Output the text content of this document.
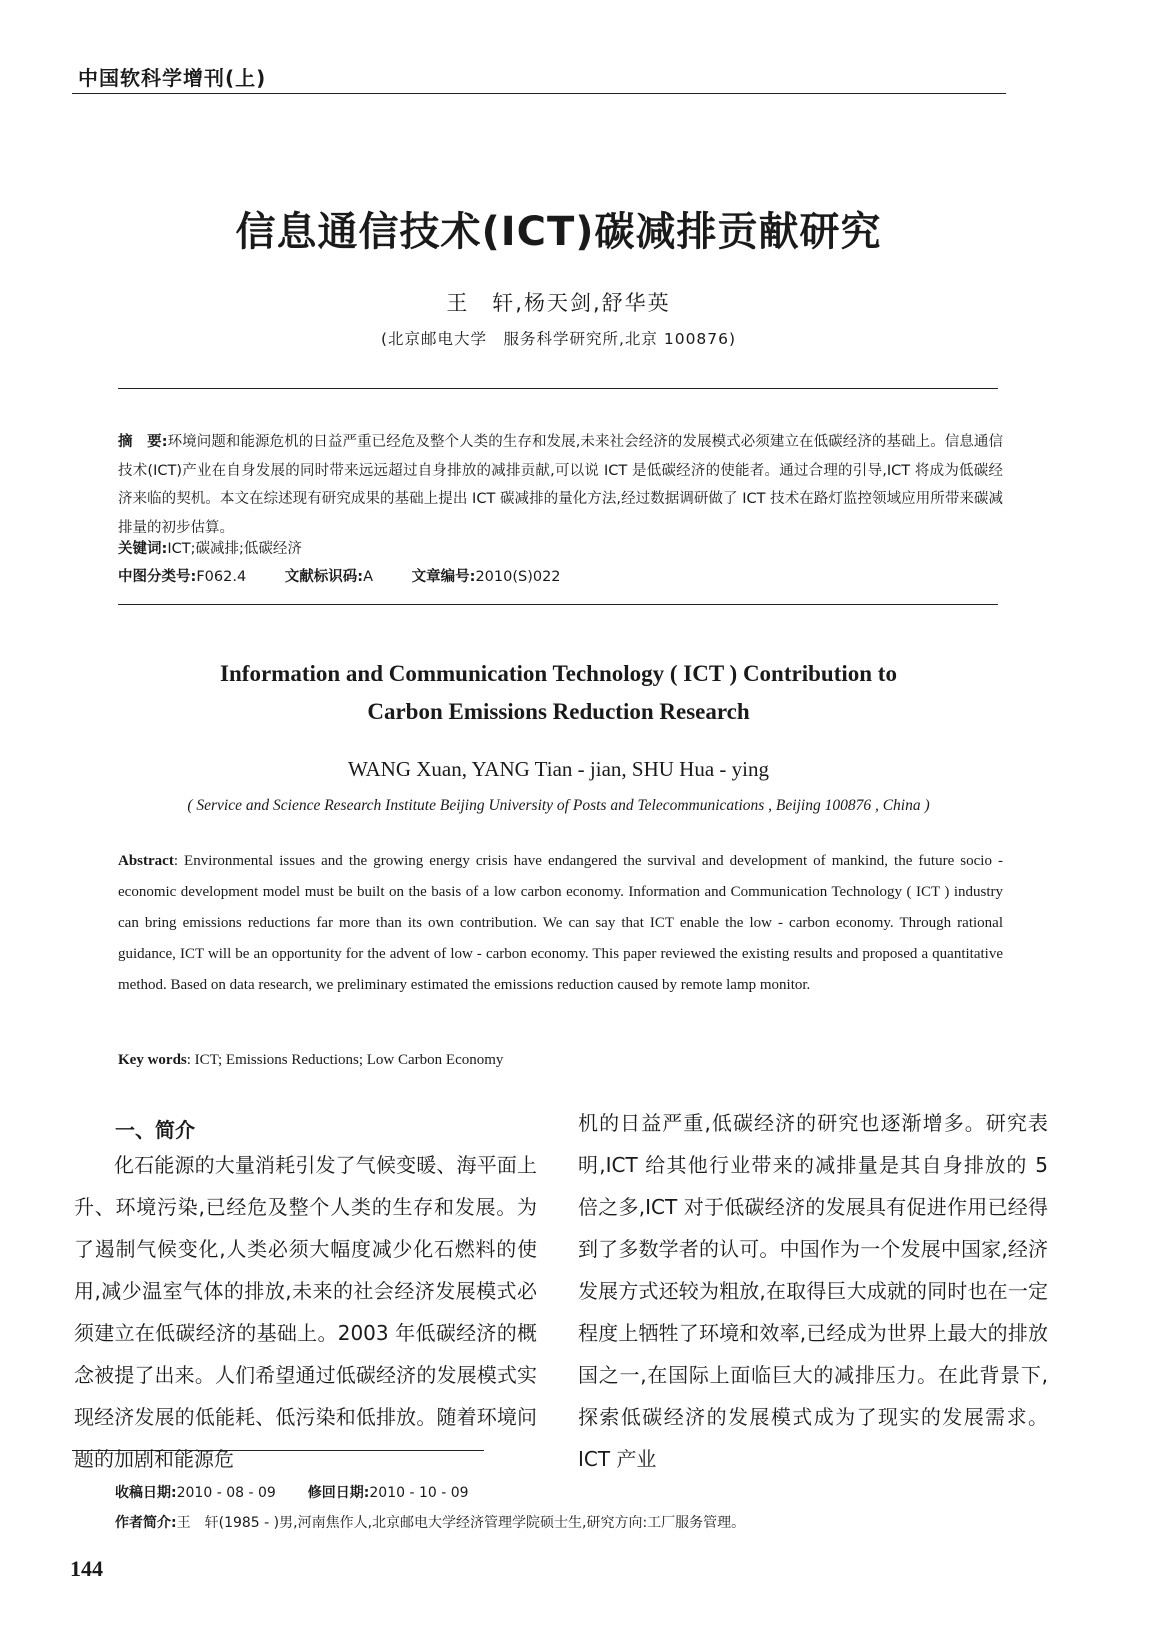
中国软科学增刊(上)
信息通信技术(ICT)碳减排贡献研究
王　轩,杨天剑,舒华英
(北京邮电大学　服务科学研究所,北京 100876)
摘　要:环境问题和能源危机的日益严重已经危及整个人类的生存和发展,未来社会经济的发展模式必须建立在低碳经济的基础上。信息通信技术(ICT)产业在自身发展的同时带来远远超过自身排放的减排贡献,可以说 ICT 是低碳经济的使能者。通过合理的引导,ICT 将成为低碳经济来临的契机。本文在综述现有研究成果的基础上提出 ICT 碳减排的量化方法,经过数据调研做了 ICT 技术在路灯监控领域应用所带来碳减排量的初步估算。
关键词:ICT;碳减排;低碳经济
中图分类号:F062.4	文献标识码:A	文章编号:2010(S)022
Information and Communication Technology ( ICT ) Contribution to
Carbon Emissions Reduction Research
WANG Xuan, YANG Tian - jian, SHU Hua - ying
( Service and Science Research Institute Beijing University of Posts and Telecommunications , Beijing 100876 , China )
Abstract: Environmental issues and the growing energy crisis have endangered the survival and development of mankind, the future socio - economic development model must be built on the basis of a low carbon economy. Information and Communication Technology ( ICT ) industry can bring emissions reductions far more than its own contribution. We can say that ICT enable the low - carbon economy. Through rational guidance, ICT will be an opportunity for the advent of low - carbon economy. This paper reviewed the existing results and proposed a quantitative method. Based on data research, we preliminary estimated the emissions reduction caused by remote lamp monitor.
Key words: ICT; Emissions Reductions; Low Carbon Economy
一、简介
化石能源的大量消耗引发了气候变暖、海平面上升、环境污染,已经危及整个人类的生存和发展。为了遏制气候变化,人类必须大幅度减少化石燃料的使用,减少温室气体的排放,未来的社会经济发展模式必须建立在低碳经济的基础上。2003 年低碳经济的概念被提了出来。人们希望通过低碳经济的发展模式实现经济发展的低能耗、低污染和低排放。随着环境问题的加剧和能源危
机的日益严重,低碳经济的研究也逐渐增多。研究表明,ICT 给其他行业带来的减排量是其自身排放的 5 倍之多,ICT 对于低碳经济的发展具有促进作用已经得到了多数学者的认可。中国作为一个发展中国家,经济发展方式还较为粗放,在取得巨大成就的同时也在一定程度上牺牲了环境和效率,已经成为世界上最大的排放国之一,在国际上面临巨大的减排压力。在此背景下,探索低碳经济的发展模式成为了现实的发展需求。ICT 产业
收稿日期:2010 - 08 - 09 修回日期:2010 - 10 - 09
作者简介:王　轩(1985 - )男,河南焦作人,北京邮电大学经济管理学院硕士生,研究方向:工厂服务管理。
144
